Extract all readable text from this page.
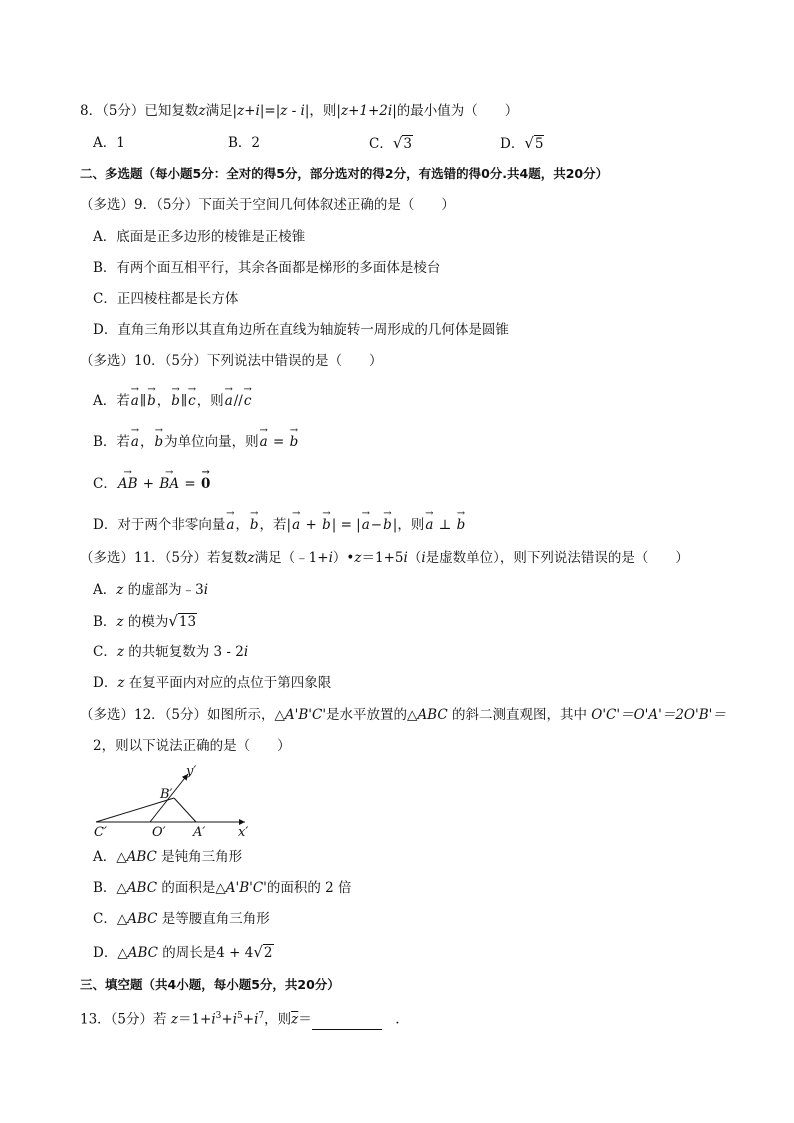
8．（5分）已知复数z满足|z+i|=|z - i|，则|z+1+2i|的最小值为（　　）
A．1	B．2	C．√3	D．√5
二、多选题（每小题5分：全对的得5分，部分选对的得2分，有选错的得0分.共4题，共20分）
（多选）9．（5分）下面关于空间几何体叙述正确的是（　　）
A．底面是正多边形的棱锥是正棱锥
B．有两个面互相平行，其余各面都是梯形的多面体是棱台
C．正四棱柱都是长方体
D．直角三角形以其直角边所在直线为轴旋转一周形成的几何体是圆锥
（多选）10．（5分）下列说法中错误的是（　　）
A．若→ a∥→ b，→ b∥→ c，则→ a//→ c
B．若→ a，→ b为单位向量，则→ a = → b
C．→ AB + → BA = → 0
D．对于两个非零向量→ a，→ b，若|→ a + → b| = |→ a−→ b|，则→ a ⊥ → b
（多选）11．（5分）若复数z满足（﹣1+i）•z＝1+5i（i是虚数单位），则下列说法错误的是（　　）
A．z 的虚部为﹣3i
B．z 的模为√13
C．z 的共轭复数为 3 - 2i
D．z 在复平面内对应的点位于第四象限
（多选）12．（5分）如图所示，△A'B'C'是水平放置的△ABC 的斜二测直观图，其中 O'C'＝O'A'＝2O'B'＝
2，则以下说法正确的是（　　）
y′
B′
C′	O′ A′	x′
A．△ABC 是钝角三角形
B．△ABC 的面积是△A'B'C'的面积的 2 倍
C．△ABC 是等腰直角三角形
D．△ABC 的周长是4 + 4√2
三、填空题（共4小题，每小题5分，共20分）
13．（5分）若 $z=1+i^3+i^5+i^7$，则$\overline{z}=$	　.
